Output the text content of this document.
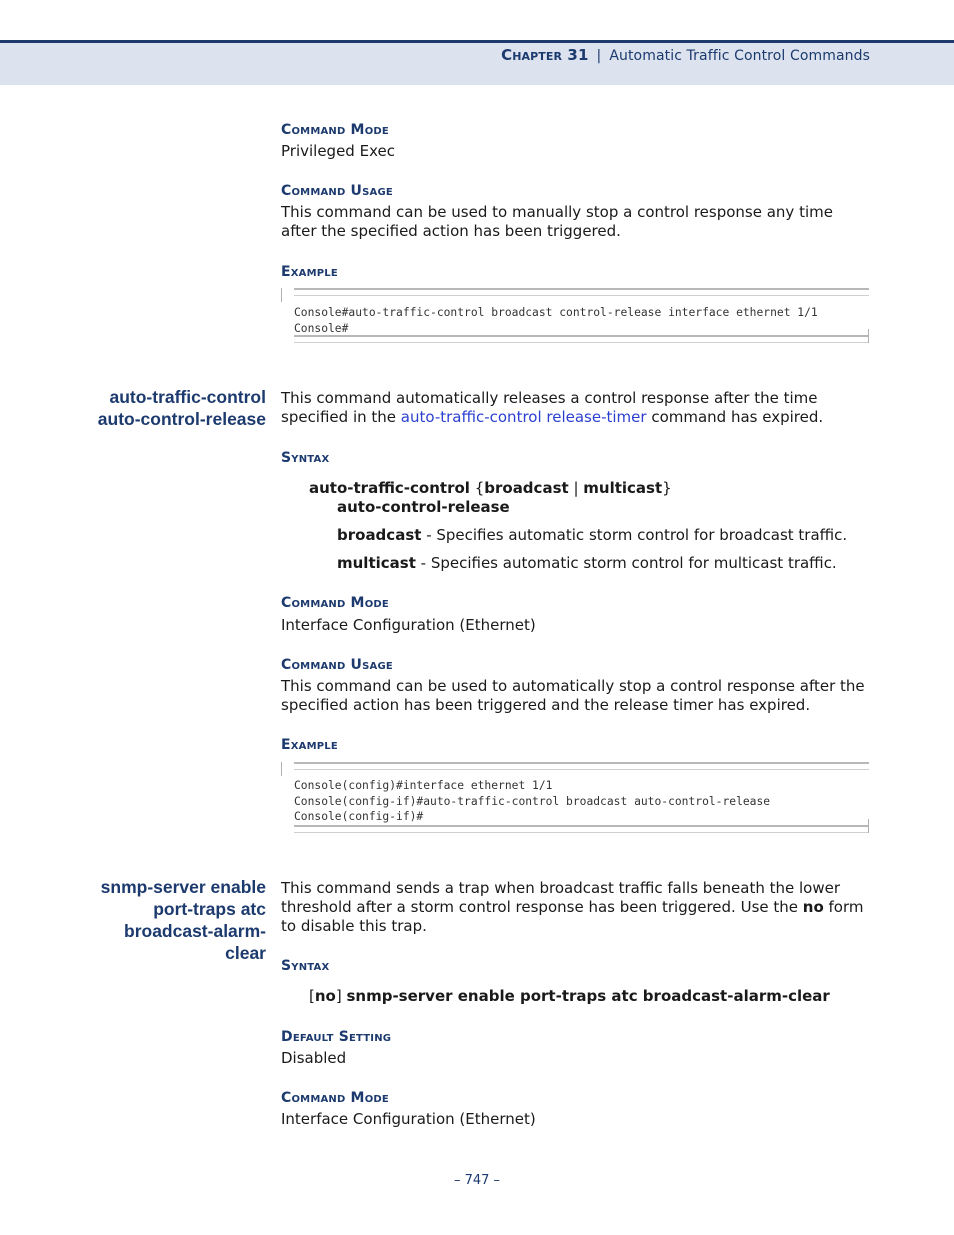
Chapter 31 | Automatic Traffic Control Commands
Command Mode
Privileged Exec
Command Usage
This command can be used to manually stop a control response any time after the specified action has been triggered.
Example
Console#auto-traffic-control broadcast control-release interface ethernet 1/1
Console#
auto-traffic-control
auto-control-release
This command automatically releases a control response after the time specified in the auto-traffic-control release-timer command has expired.
Syntax
auto-traffic-control {broadcast | multicast}
auto-control-release
broadcast - Specifies automatic storm control for broadcast traffic.
multicast - Specifies automatic storm control for multicast traffic.
Command Mode
Interface Configuration (Ethernet)
Command Usage
This command can be used to automatically stop a control response after the specified action has been triggered and the release timer has expired.
Example
Console(config)#interface ethernet 1/1
Console(config-if)#auto-traffic-control broadcast auto-control-release
Console(config-if)#
snmp-server enable
port-traps atc
broadcast-alarm-
clear
This command sends a trap when broadcast traffic falls beneath the lower threshold after a storm control response has been triggered. Use the no form to disable this trap.
Syntax
[no] snmp-server enable port-traps atc broadcast-alarm-clear
Default Setting
Disabled
Command Mode
Interface Configuration (Ethernet)
– 747 –
